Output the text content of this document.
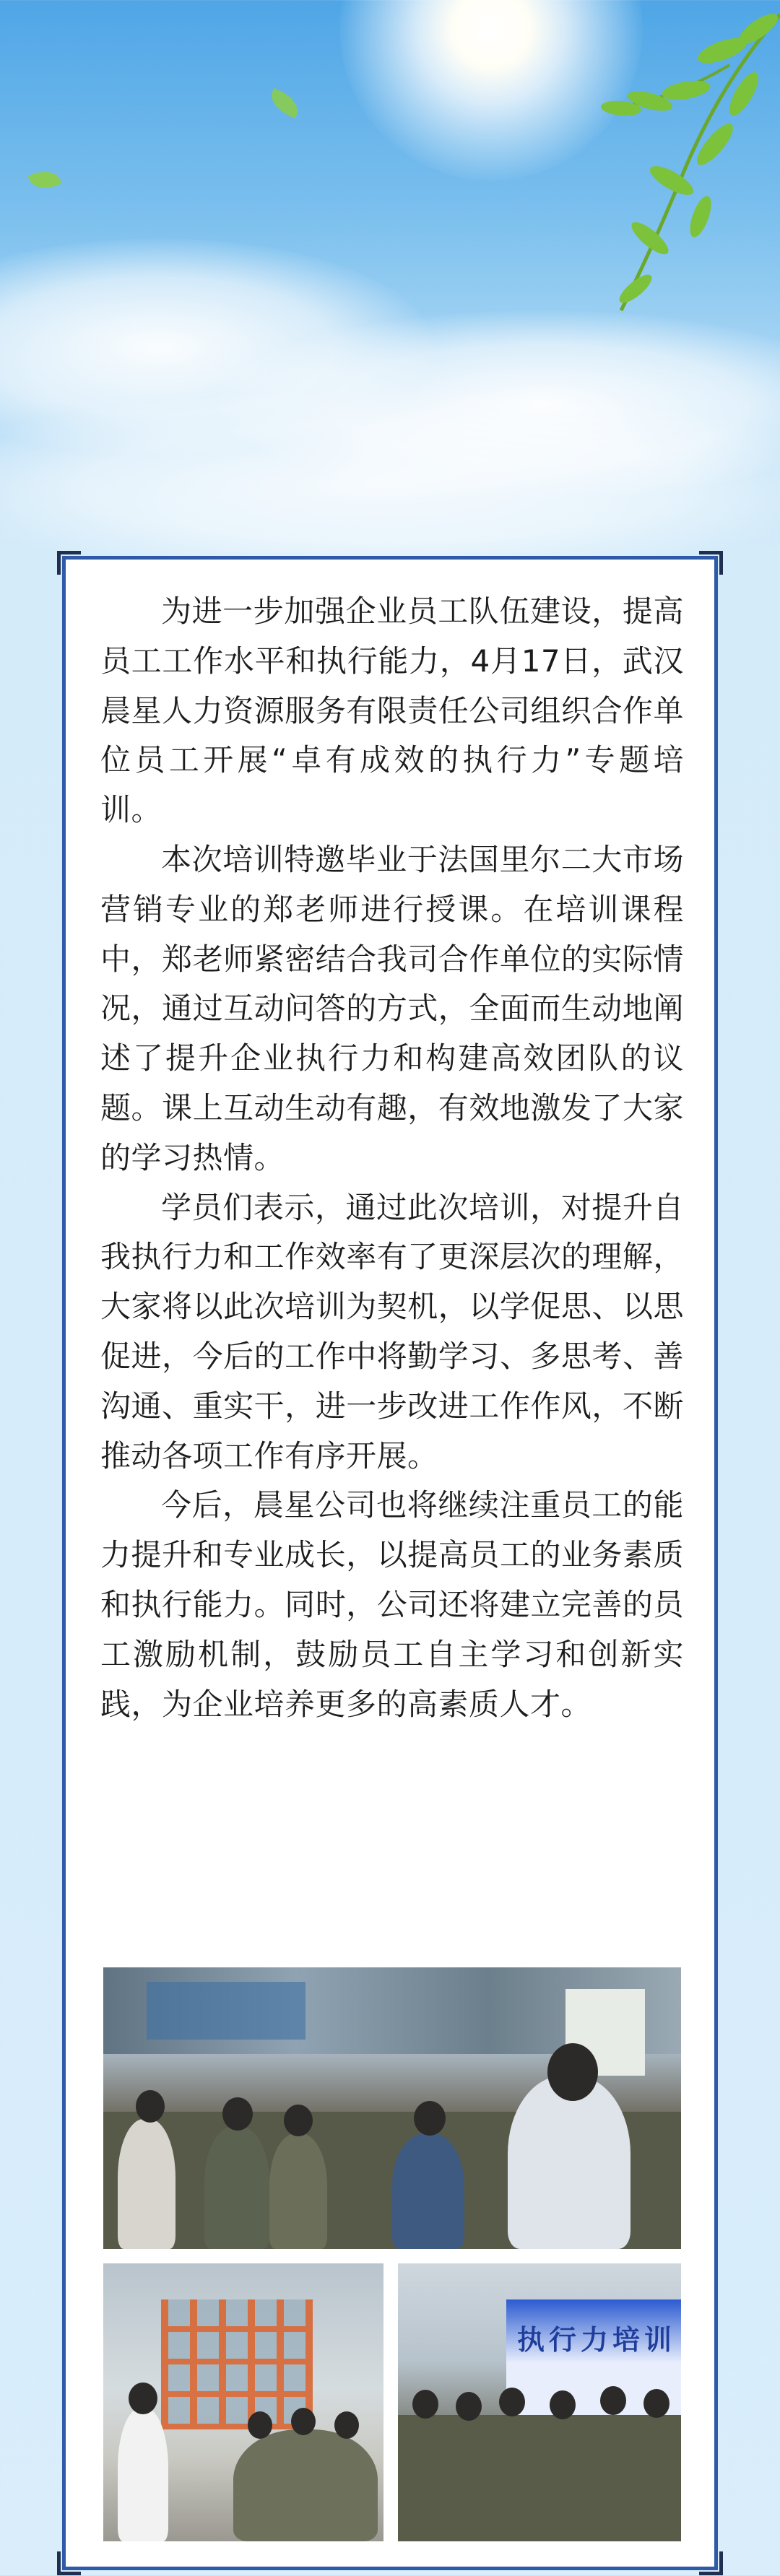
为进一步加强企业员工队伍建设，提高员工工作水平和执行能力，4月17日，武汉晨星人力资源服务有限责任公司组织合作单位员工开展“卓有成效的执行力”专题培训。

本次培训特邀毕业于法国里尔二大市场营销专业的郑老师进行授课。在培训课程中，郑老师紧密结合我司合作单位的实际情况，通过互动问答的方式，全面而生动地阐述了提升企业执行力和构建高效团队的议题。课上互动生动有趣，有效地激发了大家的学习热情。

学员们表示，通过此次培训，对提升自我执行力和工作效率有了更深层次的理解，大家将以此次培训为契机，以学促思、以思促进，今后的工作中将勤学习、多思考、善沟通、重实干，进一步改进工作作风，不断推动各项工作有序开展。

今后，晨星公司也将继续注重员工的能力提升和专业成长，以提高员工的业务素质和执行能力。同时，公司还将建立完善的员工激励机制，鼓励员工自主学习和创新实践，为企业培养更多的高素质人才。

执行力培训
